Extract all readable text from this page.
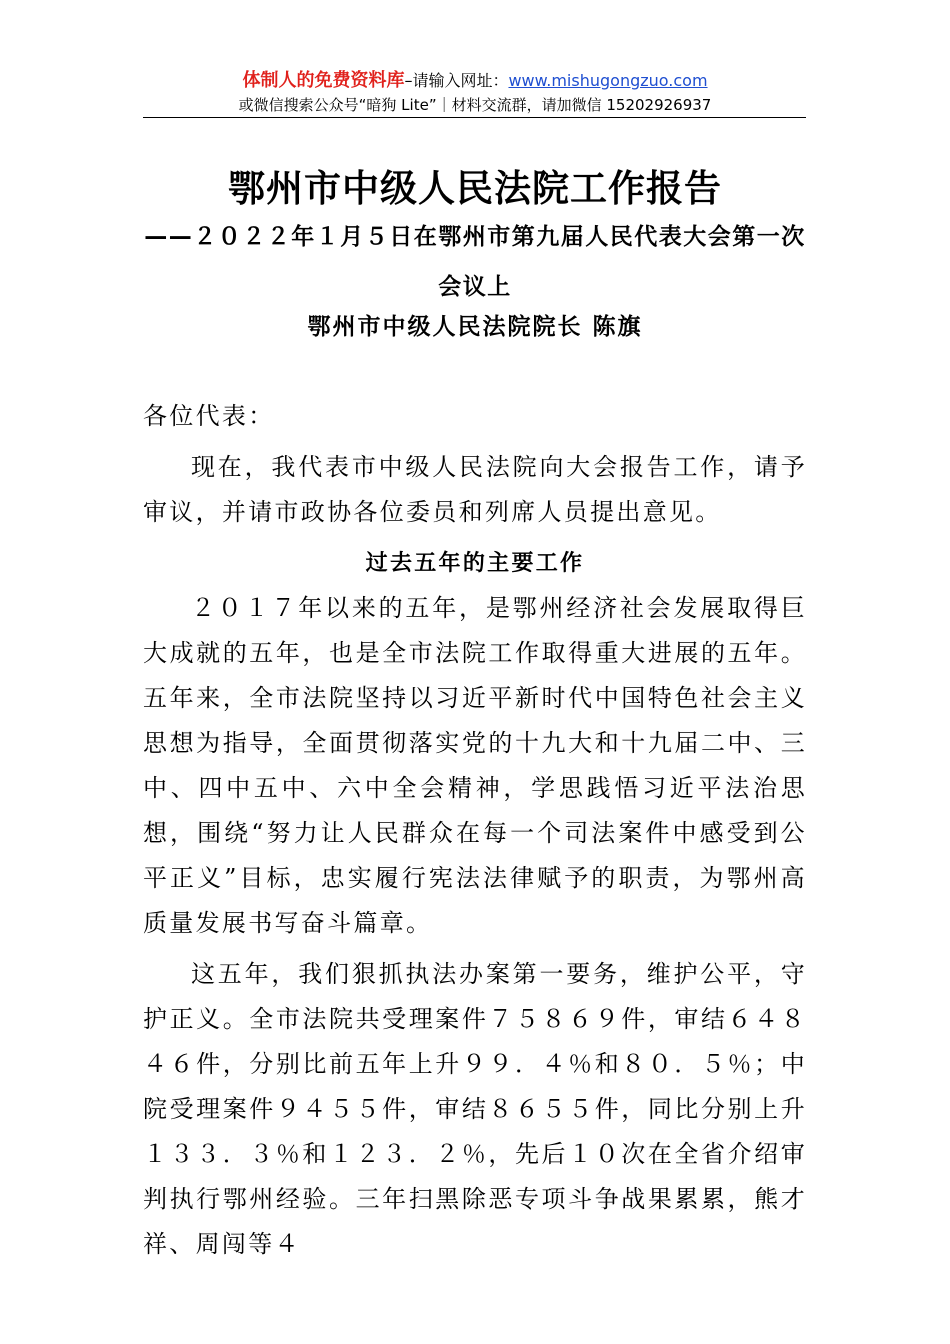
体制人的免费资料库–请输入网址：www.mishugongzuo.com
或微信搜索公众号“暗狗 Lite”｜材料交流群，请加微信 15202926937
鄂州市中级人民法院工作报告
——２０２２年１月５日在鄂州市第九届人民代表大会第一次会议上
鄂州市中级人民法院院长 陈旗

各位代表：

现在，我代表市中级人民法院向大会报告工作，请予审议，并请市政协各位委员和列席人员提出意见。

过去五年的主要工作

２０１７年以来的五年，是鄂州经济社会发展取得巨大成就的五年，也是全市法院工作取得重大进展的五年。五年来，全市法院坚持以习近平新时代中国特色社会主义思想为指导，全面贯彻落实党的十九大和十九届二中、三中、四中五中、六中全会精神，学思践悟习近平法治思想，围绕“努力让人民群众在每一个司法案件中感受到公平正义”目标，忠实履行宪法法律赋予的职责，为鄂州高质量发展书写奋斗篇章。

这五年，我们狠抓执法办案第一要务，维护公平，守护正义。全市法院共受理案件７５８６９件，审结６４８４６件，分别比前五年上升９９．４％和８０．５％；中院受理案件９４５５件，审结８６５５件，同比分别上升１３３．３％和１２３．２％，先后１０次在全省介绍审判执行鄂州经验。三年扫黑除恶专项斗争战果累累，熊才祥、周闯等４
